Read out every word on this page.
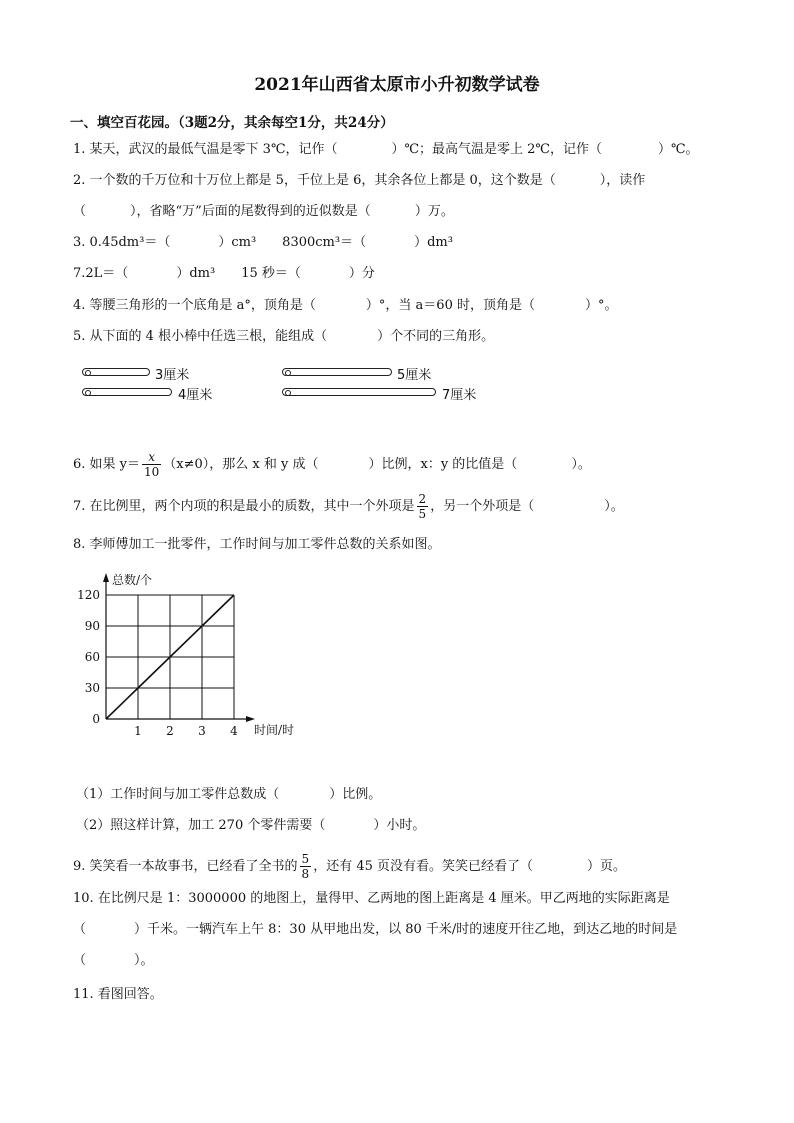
2021年山西省太原市小升初数学试卷
一、填空百花园。（3题2分，其余每空1分，共24分）
1. 某天，武汉的最低气温是零下 3℃，记作（	）℃；最高气温是零上 2℃，记作（	）℃。
2. 一个数的千万位和十万位上都是 5，千位上是 6，其余各位上都是 0，这个数是（	），读作
（	），省略“万”后面的尾数得到的近似数是（	）万。
3. 0.45dm³＝（	）cm³ 8300cm³＝（	）dm³
7.2L＝（	）dm³ 15 秒＝（	）分
4. 等腰三角形的一个底角是 a°，顶角是（	）°，当 a＝60 时，顶角是（	）°。
5. 从下面的 4 根小棒中任选三根，能组成（	）个不同的三角形。
3厘米	5厘米
4厘米	7厘米
6. 如果 $y= \frac{x}{10} (x\ne 0)$，那么 x 和 y 成（	）比例，x：y 的比值是（	）。
7. 在比例里，两个内项的积是最小的质数，其中一个外项是 $\frac{2}{5}$ ，另一个外项是（	）。
8. 李师傅加工一批零件，工作时间与加工零件总数的关系如图。
0
30
60
90
120
1 2 3 4
总数/个
时间/时
（1）工作时间与加工零件总数成（	）比例。
（2）照这样计算，加工 270 个零件需要（	）小时。
9. 笑笑看一本故事书，已经看了全书的 $\frac{5}{8}$ ，还有 45 页没有看。笑笑已经看了（	）页。
10. 在比例尺是 1：3000000 的地图上，量得甲、乙两地的图上距离是 4 厘米。甲乙两地的实际距离是
（	）千米。一辆汽车上午 8：30 从甲地出发，以 80 千米/时的速度开往乙地，到达乙地的时间是
（	）。
11. 看图回答。
